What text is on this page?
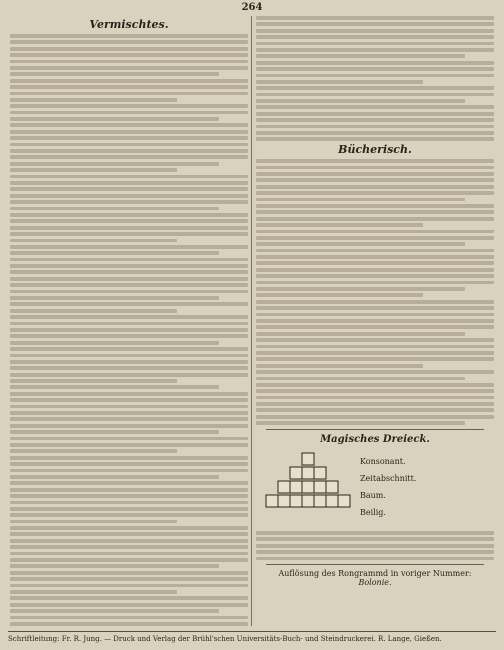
264
Vermischtes.
Bücherisch.
Magisches Dreieck.
Konsonant.
Zeitabschnitt.
Baum.
Beilig.
Auflösung des Rongrammd in voriger Nummer:
Bolonie.
Schriftleitung: Fr. R. Jung. — Druck und Verlag der Brühl'schen Universitäts-Buch- und Steindruckerei. R. Lange, Gießen.
